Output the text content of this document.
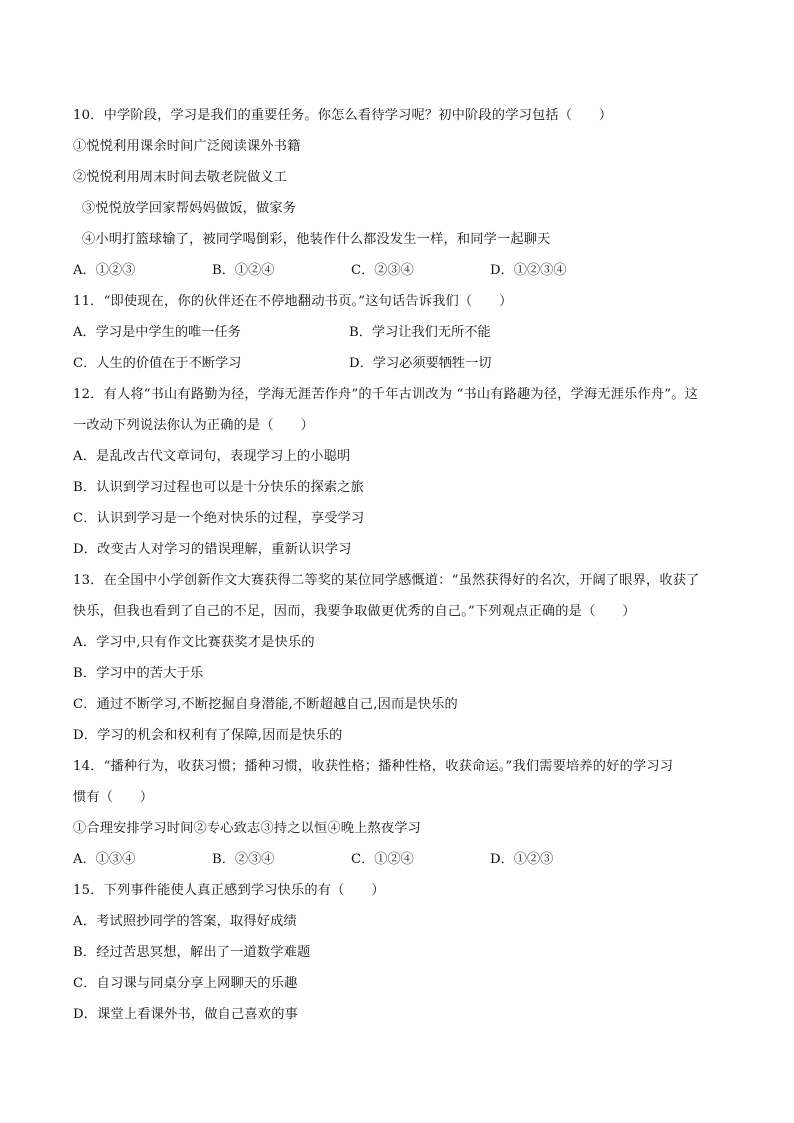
10．中学阶段，学习是我们的重要任务。你怎么看待学习呢？初中阶段的学习包括（　　）
①悦悦利用课余时间广泛阅读课外书籍
②悦悦利用周末时间去敬老院做义工
③悦悦放学回家帮妈妈做饭，做家务
④小明打篮球输了，被同学喝倒彩，他装作什么都没发生一样，和同学一起聊天
A．①②③	B．①②④	C．②③④	D．①②③④
11．“即使现在，你的伙伴还在不停地翻动书页。”这句话告诉我们（　　）
A．学习是中学生的唯一任务	B．学习让我们无所不能
C．人生的价值在于不断学习	D．学习必须要牺牲一切
12．有人将“书山有路勤为径，学海无涯苦作舟”的千年古训改为 “书山有路趣为径，学海无涯乐作舟”。这
一改动下列说法你认为正确的是（　　）
A．是乱改古代文章词句，表现学习上的小聪明
B．认识到学习过程也可以是十分快乐的探索之旅
C．认识到学习是一个绝对快乐的过程，享受学习
D．改变古人对学习的错误理解，重新认识学习
13．在全国中小学创新作文大赛获得二等奖的某位同学感慨道：“虽然获得好的名次，开阔了眼界，收获了
快乐，但我也看到了自己的不足，因而，我要争取做更优秀的自己。”下列观点正确的是（　　）
A．学习中,只有作文比赛获奖才是快乐的
B．学习中的苦大于乐
C．通过不断学习,不断挖掘自身潜能,不断超越自己,因而是快乐的
D．学习的机会和权利有了保障,因而是快乐的
14．“播种行为，收获习惯；播种习惯，收获性格；播种性格，收获命运。”我们需要培养的好的学习习
惯有（　　）
①合理安排学习时间②专心致志③持之以恒④晚上熬夜学习
A．①③④	B．②③④	C．①②④	D．①②③
15．下列事件能使人真正感到学习快乐的有（　　）
A．考试照抄同学的答案，取得好成绩
B．经过苦思冥想，解出了一道数学难题
C．自习课与同桌分享上网聊天的乐趣
D．课堂上看课外书，做自己喜欢的事
